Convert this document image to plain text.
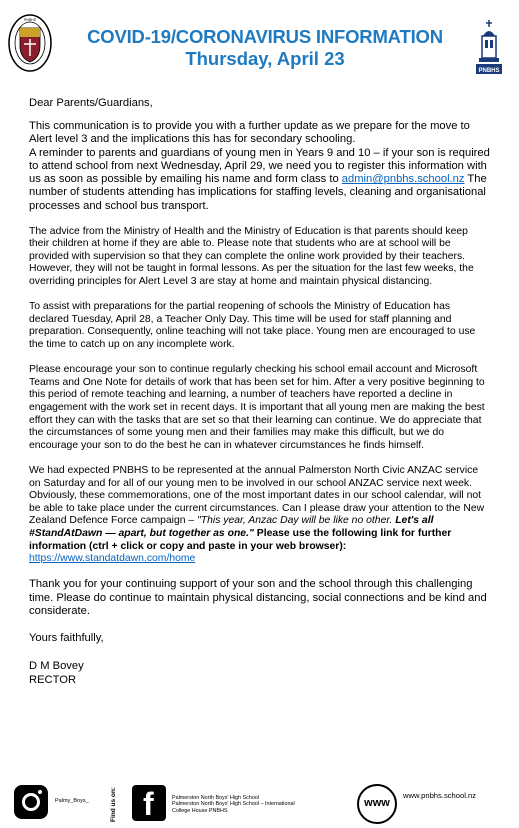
PNBHS
COVID-19/CORONAVIRUS INFORMATION
Thursday, April 23
PNBHS
Dear Parents/Guardians,
This communication is to provide you with a further update as we prepare for the move to Alert level 3 and the implications this has for secondary schooling.
A reminder to parents and guardians of young men in Years 9 and 10 – if your son is required to attend school from next Wednesday, April 29, we need you to register this information with us as soon as possible by emailing his name and form class to admin@pnbhs.school.nz The number of students attending has implications for staffing levels, cleaning and organisational processes and school bus transport.
The advice from the Ministry of Health and the Ministry of Education is that parents should keep their children at home if they are able to. Please note that students who are at school will be provided with supervision so that they can complete the online work provided by their teachers. However, they will not be taught in formal lessons. As per the situation for the last few weeks, the overriding principles for Alert Level 3 are stay at home and maintain physical distancing.
To assist with preparations for the partial reopening of schools the Ministry of Education has declared Tuesday, April 28, a Teacher Only Day. This time will be used for staff planning and preparation. Consequently, online teaching will not take place. Young men are encouraged to use the time to catch up on any incomplete work.
Please encourage your son to continue regularly checking his school email account and Microsoft Teams and One Note for details of work that has been set for him. After a very positive beginning to this period of remote teaching and learning, a number of teachers have reported a decline in engagement with the work set in recent days. It is important that all young men are making the best effort they can with the tasks that are set so that their learning can continue. We do appreciate that the circumstances of some young men and their families may make this difficult, but we do encourage your son to do the best he can in whatever circumstances he finds himself.
We had expected PNBHS to be represented at the annual Palmerston North Civic ANZAC service on Saturday and for all of our young men to be involved in our school ANZAC service next week. Obviously, these commemorations, one of the most important dates in our school calendar, will not be able to take place under the current circumstances. Can I please draw your attention to the New Zealand Defence Force campaign – "This year, Anzac Day will be like no other. Let's all #StandAtDawn — apart, but together as one." Please use the following link for further information (ctrl + click or copy and paste in your web browser): https://www.standatdawn.com/home
Thank you for your continuing support of your son and the school through this challenging time. Please do continue to maintain physical distancing, social connections and be kind and considerate.
Yours faithfully,
D M Bovey
RECTOR
Palmy_Boys_	Find us on: f	Palmerston North Boys' High School
Palmerston North Boys' High School – International
College House PNBHS
www
www.pnbhs.school.nz
